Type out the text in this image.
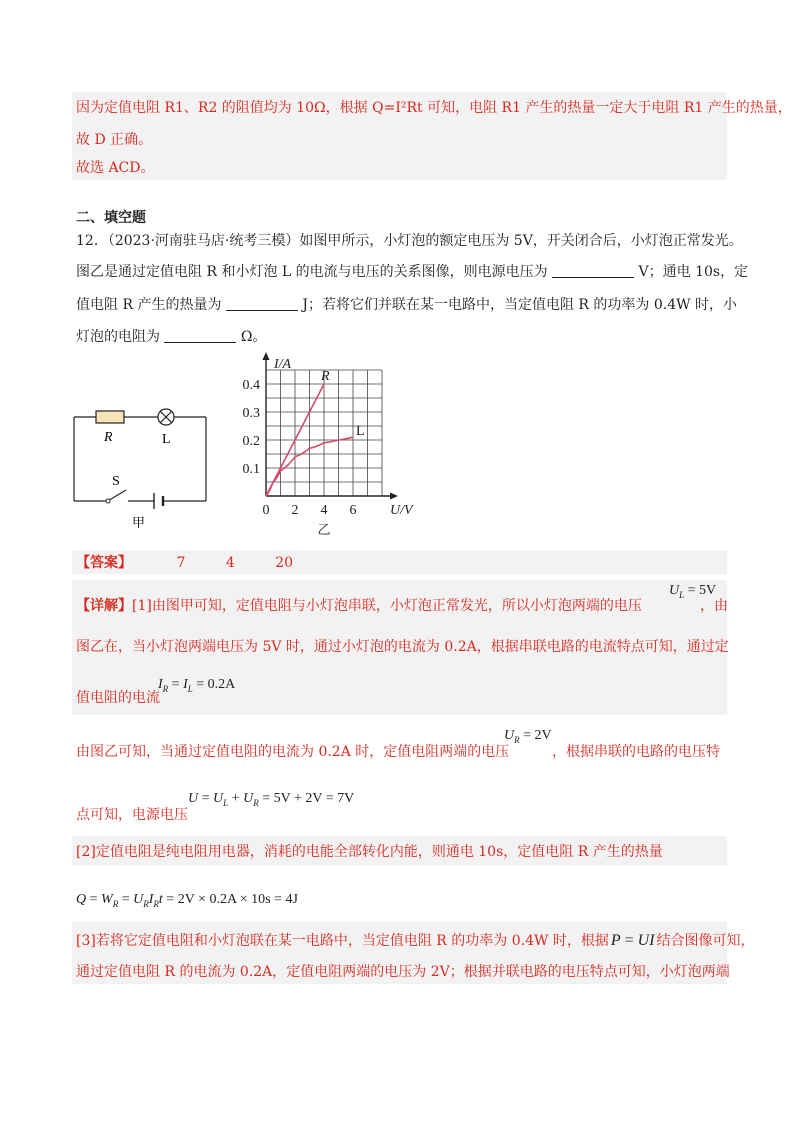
因为定值电阻 R1、R2 的阻值均为 10Ω，根据 Q=I²Rt 可知，电阻 R1 产生的热量一定大于电阻 R1 产生的热量，
故 D 正确。
故选 ACD。
二、填空题
12．（2023·河南驻马店·统考三模）如图甲所示，小灯泡的额定电压为 5V，开关闭合后，小灯泡正常发光。
图乙是通过定值电阻 R 和小灯泡 L 的电流与电压的关系图像，则电源电压为	V；通电 10s，定
值电阻 R 产生的热量为	J；若将它们并联在某一电路中，当定值电阻 R 的功率为 0.4W 时，小
灯泡的电阻为	Ω。
R	L
S
甲
0 2 4 6
0.1
0.2
0.3
0.4
I/A
U/V
乙
R
L
【答案】	7	4	20
【详解】[1]由图甲可知，定值电阻与小灯泡串联，小灯泡正常发光，所以小灯泡两端的电压
$U_L = 5V$
，由
图乙在，当小灯泡两端电压为 5V 时，通过小灯泡的电流为 0.2A，根据串联电路的电流特点可知，通过定
值电阻的电流
$I_R = I_L = 0.2A$
由图乙可知，当通过定值电阻的电流为 0.2A 时，定值电阻两端的电压
$U_R = 2V$
，根据串联的电路的电压特
点可知，电源电压
$U = U_L + U_R = 5V + 2V = 7V$
[2]定值电阻是纯电阻用电器，消耗的电能全部转化内能，则通电 10s，定值电阻 R 产生的热量
$Q = W_R = U_RI_Rt = 2V \times 0.2A \times 10s = 4J$
[3]若将它定值电阻和小灯泡联在某一电路中，当定值电阻 R 的功率为 0.4W 时，根据 P = UI 结合图像可知，
通过定值电阻 R 的电流为 0.2A，定值电阻两端的电压为 2V；根据并联电路的电压特点可知，小灯泡两端
